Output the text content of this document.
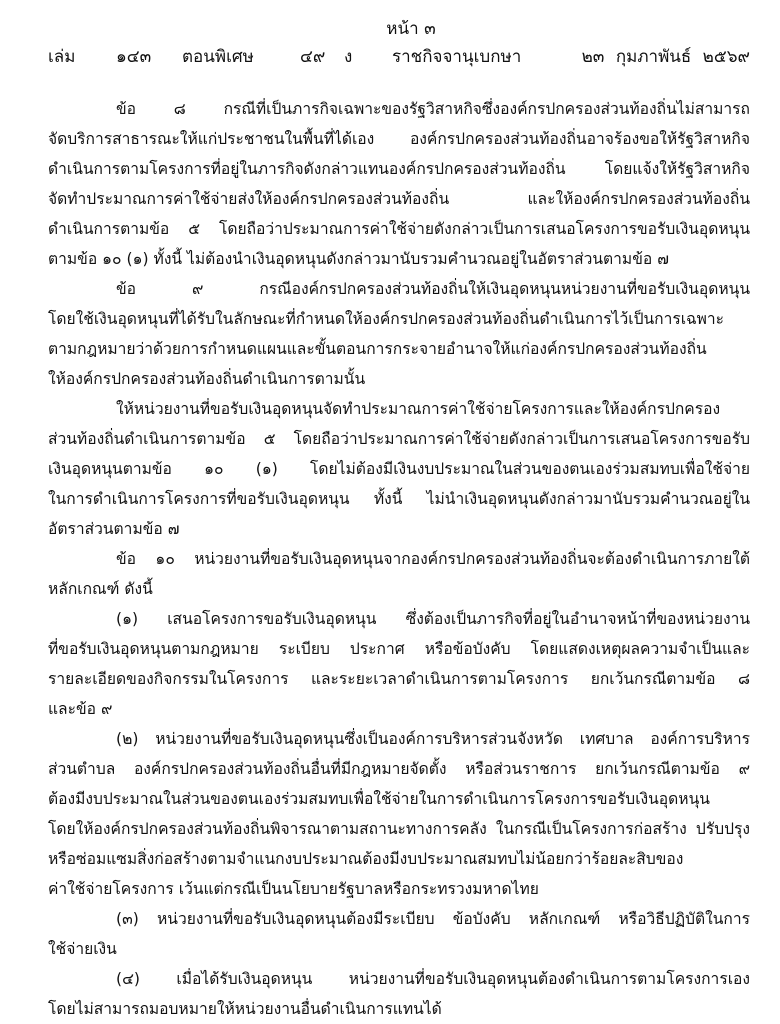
หน้า ๓
เล่ม	๑๔๓	ตอนพิเศษ	๔๙	ง	ราชกิจจานุเบกษา	๒๓ กุมภาพันธ์ ๒๕๖๙
ข้อ ๘ กรณีที่เป็นภารกิจเฉพาะของรัฐวิสาหกิจซึ่งองค์กรปกครองส่วนท้องถิ่นไม่สามารถ
จัดบริการสาธารณะให้แก่ประชาชนในพื้นที่ได้เอง องค์กรปกครองส่วนท้องถิ่นอาจร้องขอให้รัฐวิสาหกิจ
ดำเนินการตามโครงการที่อยู่ในภารกิจดังกล่าวแทนองค์กรปกครองส่วนท้องถิ่น โดยแจ้งให้รัฐวิสาหกิจ
จัดทำประมาณการค่าใช้จ่ายส่งให้องค์กรปกครองส่วนท้องถิ่น และให้องค์กรปกครองส่วนท้องถิ่น
ดำเนินการตามข้อ ๕ โดยถือว่าประมาณการค่าใช้จ่ายดังกล่าวเป็นการเสนอโครงการขอรับเงินอุดหนุน
ตามข้อ ๑๐ (๑) ทั้งนี้ ไม่ต้องนำเงินอุดหนุนดังกล่าวมานับรวมคำนวณอยู่ในอัตราส่วนตามข้อ ๗
ข้อ ๙ กรณีองค์กรปกครองส่วนท้องถิ่นให้เงินอุดหนุนหน่วยงานที่ขอรับเงินอุดหนุน
โดยใช้เงินอุดหนุนที่ได้รับในลักษณะที่กำหนดให้องค์กรปกครองส่วนท้องถิ่นดำเนินการไว้เป็นการเฉพาะ
ตามกฎหมายว่าด้วยการกำหนดแผนและขั้นตอนการกระจายอำนาจให้แก่องค์กรปกครองส่วนท้องถิ่น
ให้องค์กรปกครองส่วนท้องถิ่นดำเนินการตามนั้น
ให้หน่วยงานที่ขอรับเงินอุดหนุนจัดทำประมาณการค่าใช้จ่ายโครงการและให้องค์กรปกครอง
ส่วนท้องถิ่นดำเนินการตามข้อ ๕ โดยถือว่าประมาณการค่าใช้จ่ายดังกล่าวเป็นการเสนอโครงการขอรับ
เงินอุดหนุนตามข้อ ๑๐ (๑) โดยไม่ต้องมีเงินงบประมาณในส่วนของตนเองร่วมสมทบเพื่อใช้จ่าย
ในการดำเนินการโครงการที่ขอรับเงินอุดหนุน ทั้งนี้ ไม่นำเงินอุดหนุนดังกล่าวมานับรวมคำนวณอยู่ใน
อัตราส่วนตามข้อ ๗
ข้อ ๑๐ หน่วยงานที่ขอรับเงินอุดหนุนจากองค์กรปกครองส่วนท้องถิ่นจะต้องดำเนินการภายใต้
หลักเกณฑ์ ดังนี้
(๑) เสนอโครงการขอรับเงินอุดหนุน ซึ่งต้องเป็นภารกิจที่อยู่ในอำนาจหน้าที่ของหน่วยงาน
ที่ขอรับเงินอุดหนุนตามกฎหมาย ระเบียบ ประกาศ หรือข้อบังคับ โดยแสดงเหตุผลความจำเป็นและ
รายละเอียดของกิจกรรมในโครงการ และระยะเวลาดำเนินการตามโครงการ ยกเว้นกรณีตามข้อ ๘
และข้อ ๙
(๒) หน่วยงานที่ขอรับเงินอุดหนุนซึ่งเป็นองค์การบริหารส่วนจังหวัด เทศบาล องค์การบริหาร
ส่วนตำบล องค์กรปกครองส่วนท้องถิ่นอื่นที่มีกฎหมายจัดตั้ง หรือส่วนราชการ ยกเว้นกรณีตามข้อ ๙
ต้องมีงบประมาณในส่วนของตนเองร่วมสมทบเพื่อใช้จ่ายในการดำเนินการโครงการขอรับเงินอุดหนุน
โดยให้องค์กรปกครองส่วนท้องถิ่นพิจารณาตามสถานะทางการคลัง ในกรณีเป็นโครงการก่อสร้าง ปรับปรุง
หรือซ่อมแซมสิ่งก่อสร้างตามจำแนกงบประมาณต้องมีงบประมาณสมทบไม่น้อยกว่าร้อยละสิบของ
ค่าใช้จ่ายโครงการ เว้นแต่กรณีเป็นนโยบายรัฐบาลหรือกระทรวงมหาดไทย
(๓) หน่วยงานที่ขอรับเงินอุดหนุนต้องมีระเบียบ ข้อบังคับ หลักเกณฑ์ หรือวิธีปฏิบัติในการ
ใช้จ่ายเงิน
(๔) เมื่อได้รับเงินอุดหนุน หน่วยงานที่ขอรับเงินอุดหนุนต้องดำเนินการตามโครงการเอง
โดยไม่สามารถมอบหมายให้หน่วยงานอื่นดำเนินการแทนได้
